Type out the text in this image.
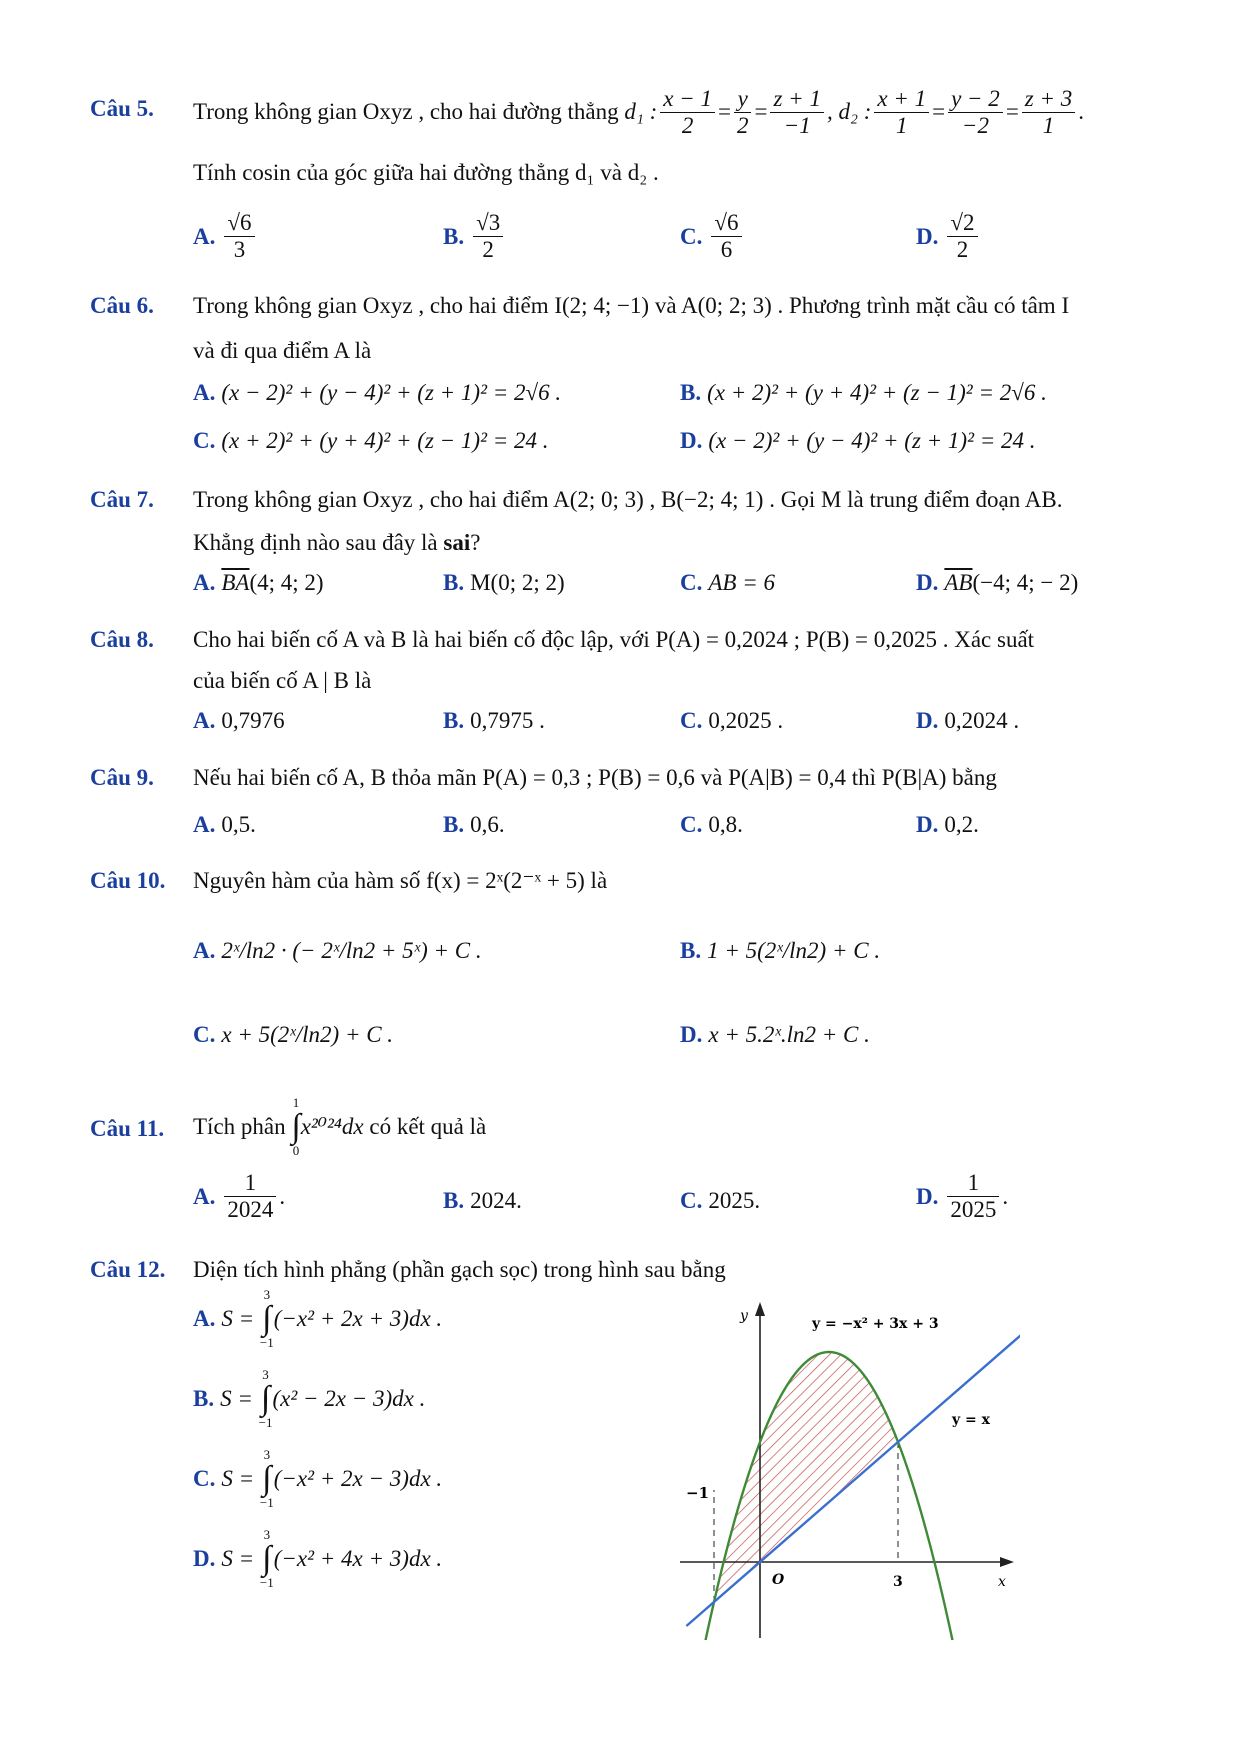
Câu 5. Trong không gian Oxyz , cho hai đường thẳng
d₁ : $\frac{x - 1}{2} = \frac{y}{2} = \frac{z + 1}{-1}$ , d₂ : $\frac{x + 1}{1} = \frac{y - 2}{-2} = \frac{z + 3}{1}$ .
Tính cosin của góc giữa hai đường thẳng d₁ và d₂ .
A. $\frac{√6}{3}$	B. $\frac{√3}{2}$	C. $\frac{√6}{6}$	D. $\frac{√2}{2}$
Câu 6. Trong không gian Oxyz , cho hai điểm I(2; 4; −1) và A(0; 2; 3) . Phương trình mặt cầu có tâm I
và đi qua điểm A là
A. (x − 2)² + (y − 4)² + (z + 1)² = 2√6 .	B. (x + 2)² + (y + 4)² + (z − 1)² = 2√6 .
C. (x + 2)² + (y + 4)² + (z − 1)² = 24 .	D. (x − 2)² + (y − 4)² + (z + 1)² = 24 .
Câu 7. Trong không gian Oxyz , cho hai điểm A(2; 0; 3) , B(−2; 4; 1) . Gọi M là trung điểm đoạn AB.
Khẳng định nào sau đây là sai?
A. $\overline{BA}(4$; 4; 2)	B. M(0; 2; 2)	C. AB = 6	D. $\overline{AB}(-4$; 4; − 2)
Câu 8. Cho hai biến cố A và B là hai biến cố độc lập, với P(A) = 0,2024 ; P(B) = 0,2025 . Xác suất
của biến cố A | B là
A. 0,7976	B. 0,7975 .	C. 0,2025 .	D. 0,2024 .
Câu 9. Nếu hai biến cố A, B thỏa mãn P(A) = 0,3 ; P(B) = 0,6 và P(A|B) = 0,4 thì P(B|A) bằng
A. 0,5.	B. 0,6.	C. 0,8.	D. 0,2.
Câu 10. Nguyên hàm của hàm số f(x) = 2ˣ(2⁻ˣ + 5) là
A. 2ˣ/ln2 · (− 2ˣ/ln2 + 5ˣ) + C .	B. 1 + 5(2ˣ/ln2) + C .
C. x + 5(2ˣ/ln2) + C .	D. x + 5.2ˣ.ln2 + C .
Câu 11. Tích phân

1
∫
0
x²⁰²⁴dx
có kết quả là
A. $\frac{1}{2024}$ .	B. 2024.	C. 2025.	D. $\frac{1}{2025}$ .
Câu 12. Diện tích hình phẳng (phần gạch sọc) trong hình sau bằng
A. S =

3
∫
−1
(−x² + 2x + 3)dx .
B. S =

3
∫
−1
(x² − 2x − 3)dx .
C. S =

3
∫
−1
(−x² + 2x − 3)dx .
D. S =

3
∫
−1
(−x² + 4x + 3)dx .
y
x
O
−1
3
y = −x² + 3x + 3
y = x
